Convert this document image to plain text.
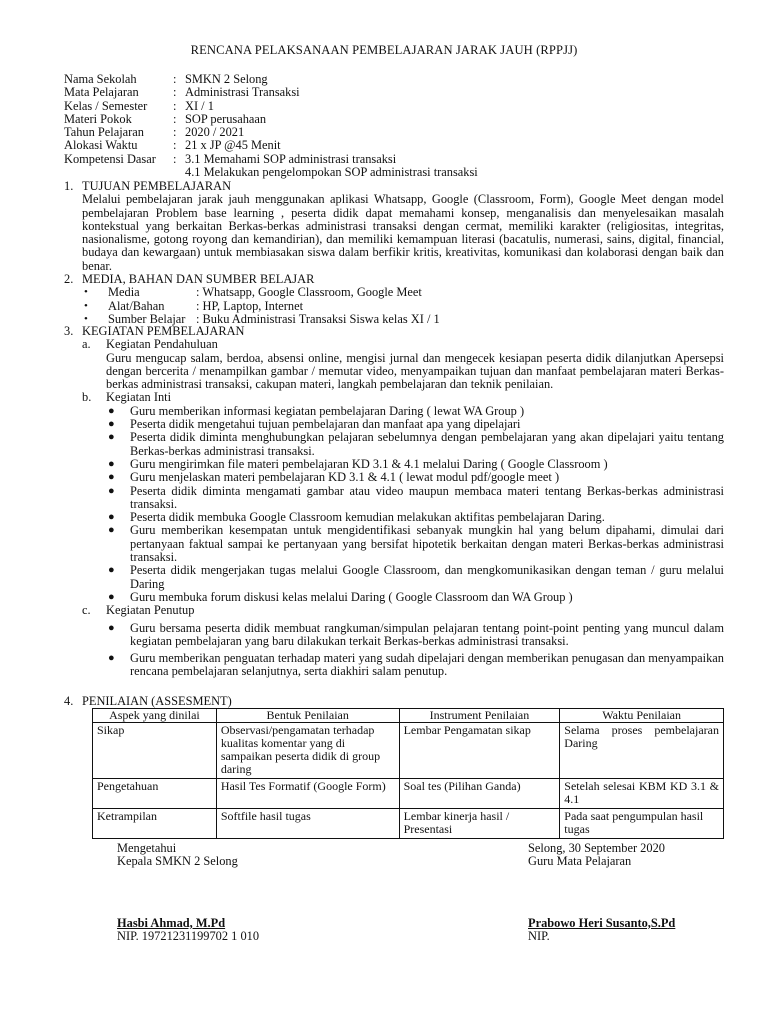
RENCANA PELAKSANAAN PEMBELAJARAN JARAK JAUH (RPPJJ)
Nama Sekolah	: SMKN 2 Selong
Mata Pelajaran	: Administrasi Transaksi
Kelas / Semester	: XI / 1
Materi Pokok	: SOP perusahaan
Tahun Pelajaran	: 2020 / 2021
Alokasi Waktu	: 21 x JP @45 Menit
Kompetensi Dasar	: 3.1 Memahami SOP administrasi transaksi
4.1 Melakukan pengelompokan SOP administrasi transaksi
1. TUJUAN PEMBELAJARAN
Melalui pembelajaran jarak jauh menggunakan aplikasi Whatsapp, Google (Classroom, Form), Google Meet dengan model pembelajaran Problem base learning , peserta didik dapat memahami konsep, menganalisis dan menyelesaikan masalah kontekstual yang berkaitan Berkas-berkas administrasi transaksi dengan cermat, memiliki karakter (religiositas, integritas, nasionalisme, gotong royong dan kemandirian), dan memiliki kemampuan literasi (bacatulis, numerasi, sains, digital, financial, budaya dan kewargaan) untuk membiasakan siswa dalam berfikir kritis, kreativitas, komunikasi dan kolaborasi dengan baik dan benar.
2. MEDIA, BAHAN DAN SUMBER BELAJAR
•	Media	: Whatsapp, Google Classroom, Google Meet
•	Alat/Bahan	: HP, Laptop, Internet
•	Sumber Belajar : Buku Administrasi Transaksi Siswa kelas XI / 1
3. KEGIATAN PEMBELAJARAN
a.	Kegiatan Pendahuluan
Guru mengucap salam, berdoa, absensi online, mengisi jurnal dan mengecek kesiapan peserta didik dilanjutkan Apersepsi dengan bercerita / menampilkan gambar / memutar video, menyampaikan tujuan dan manfaat pembelajaran materi Berkas-berkas administrasi transaksi, cakupan materi, langkah pembelajaran dan teknik penilaian.
b.	Kegiatan Inti
●	Guru memberikan informasi kegiatan pembelajaran Daring ( lewat WA Group )
●	Peserta didik mengetahui tujuan pembelajaran dan manfaat apa yang dipelajari
●	Peserta didik diminta menghubungkan pelajaran sebelumnya dengan pembelajaran yang akan dipelajari yaitu tentang Berkas-berkas administrasi transaksi.
●	Guru mengirimkan file materi pembelajaran KD 3.1 & 4.1 melalui Daring ( Google Classroom )
●	Guru menjelaskan materi pembelajaran KD 3.1 & 4.1 ( lewat modul pdf/google meet )
●	Peserta didik diminta mengamati gambar atau video maupun membaca materi tentang Berkas-berkas administrasi transaksi.
●	Peserta didik membuka Google Classroom kemudian melakukan aktifitas pembelajaran Daring.
●	Guru memberikan kesempatan untuk mengidentifikasi sebanyak mungkin hal yang belum dipahami, dimulai dari pertanyaan faktual sampai ke pertanyaan yang bersifat hipotetik berkaitan dengan materi Berkas-berkas administrasi transaksi.
●	Peserta didik mengerjakan tugas melalui Google Classroom, dan mengkomunikasikan dengan teman / guru melalui Daring
●	Guru membuka forum diskusi kelas melalui Daring ( Google Classroom dan WA Group )
c.	Kegiatan Penutup
●	Guru bersama peserta didik membuat rangkuman/simpulan pelajaran tentang point-point penting yang muncul dalam kegiatan pembelajaran yang baru dilakukan terkait Berkas-berkas administrasi transaksi.
●	Guru memberikan penguatan terhadap materi yang sudah dipelajari dengan memberikan penugasan dan menyampaikan rencana pembelajaran selanjutnya, serta diakhiri salam penutup.
4. PENILAIAN (ASSESMENT)
Aspek yang dinilai	Bentuk Penilaian	Instrument Penilaian	Waktu Penilaian
Sikap	Observasi/pengamatan terhadap kualitas komentar yang di sampaikan peserta didik di group daring	Lembar Pengamatan sikap	Selama proses pembelajaran Daring
Pengetahuan	Hasil Tes Formatif (Google Form)	Soal tes (Pilihan Ganda)	Setelah selesai KBM KD 3.1 & 4.1
Ketrampilan	Softfile hasil tugas	Lembar kinerja hasil / Presentasi	Pada saat pengumpulan hasil tugas
Mengetahui
Kepala SMKN 2 Selong
Hasbi Ahmad, M.Pd
NIP. 19721231199702 1 010
Selong, 30 September 2020
Guru Mata Pelajaran
Prabowo Heri Susanto,S.Pd
NIP.
